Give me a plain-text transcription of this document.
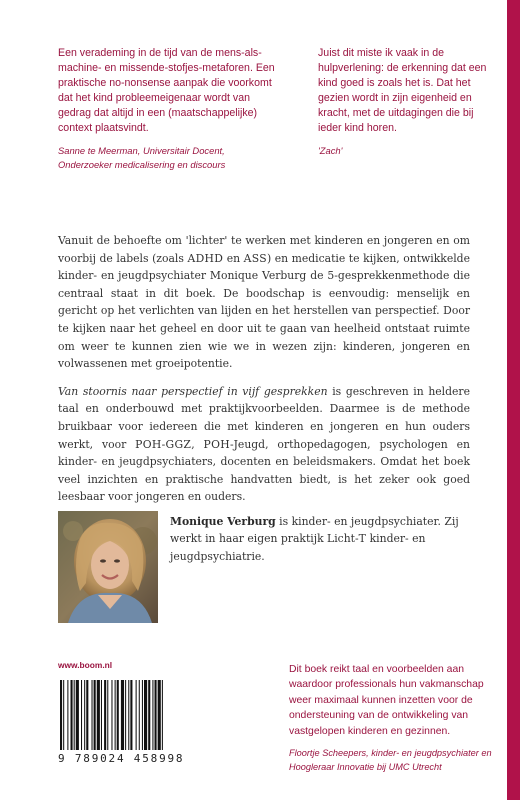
Een verademing in de tijd van de mens-als-machine- en missende-stofjes-metaforen. Een praktische no-nonsense aanpak die voorkomt dat het kind probleemeigenaar wordt van gedrag dat altijd in een (maatschappelijke) context plaatsvindt.

Sanne te Meerman, Universitair Docent, Onderzoeker medicalisering en discours

Juist dit miste ik vaak in de hulpverlening: de erkenning dat een kind goed is zoals het is. Dat het gezien wordt in zijn eigenheid en kracht, met de uitdagingen die bij ieder kind horen.

'Zach'

Vanuit de behoefte om 'lichter' te werken met kinderen en jongeren en om voorbij de labels (zoals ADHD en ASS) en medicatie te kijken, ontwikkelde kinder- en jeugdpsychiater Monique Verburg de 5-gesprekkenmethode die centraal staat in dit boek. De boodschap is eenvoudig: menselijk en gericht op het verlichten van lijden en het herstellen van perspectief. Door te kijken naar het geheel en door uit te gaan van heelheid ontstaat ruimte om weer te kunnen zien wie we in wezen zijn: kinderen, jongeren en volwassenen met groeipotentie.

Van stoornis naar perspectief in vijf gesprekken is geschreven in heldere taal en onderbouwd met praktijkvoorbeelden. Daarmee is de methode bruikbaar voor iedereen die met kinderen en jongeren en hun ouders werkt, voor POH-GGZ, POH-Jeugd, orthopedagogen, psychologen en kinder- en jeugdpsychiaters, docenten en beleidsmakers. Omdat het boek veel inzichten en praktische handvatten biedt, is het zeker ook goed leesbaar voor jongeren en ouders.

Monique Verburg is kinder- en jeugdpsychiater. Zij werkt in haar eigen praktijk Licht-T kinder- en jeugdpsychiatrie.

www.boom.nl
9 789024 458998

Dit boek reikt taal en voorbeelden aan waardoor professionals hun vakmanschap weer maximaal kunnen inzetten voor de ondersteuning van de ontwikkeling van vastgelopen kinderen en gezinnen.

Floortje Scheepers, kinder- en jeugdpsychiater en Hoogleraar Innovatie bij UMC Utrecht
